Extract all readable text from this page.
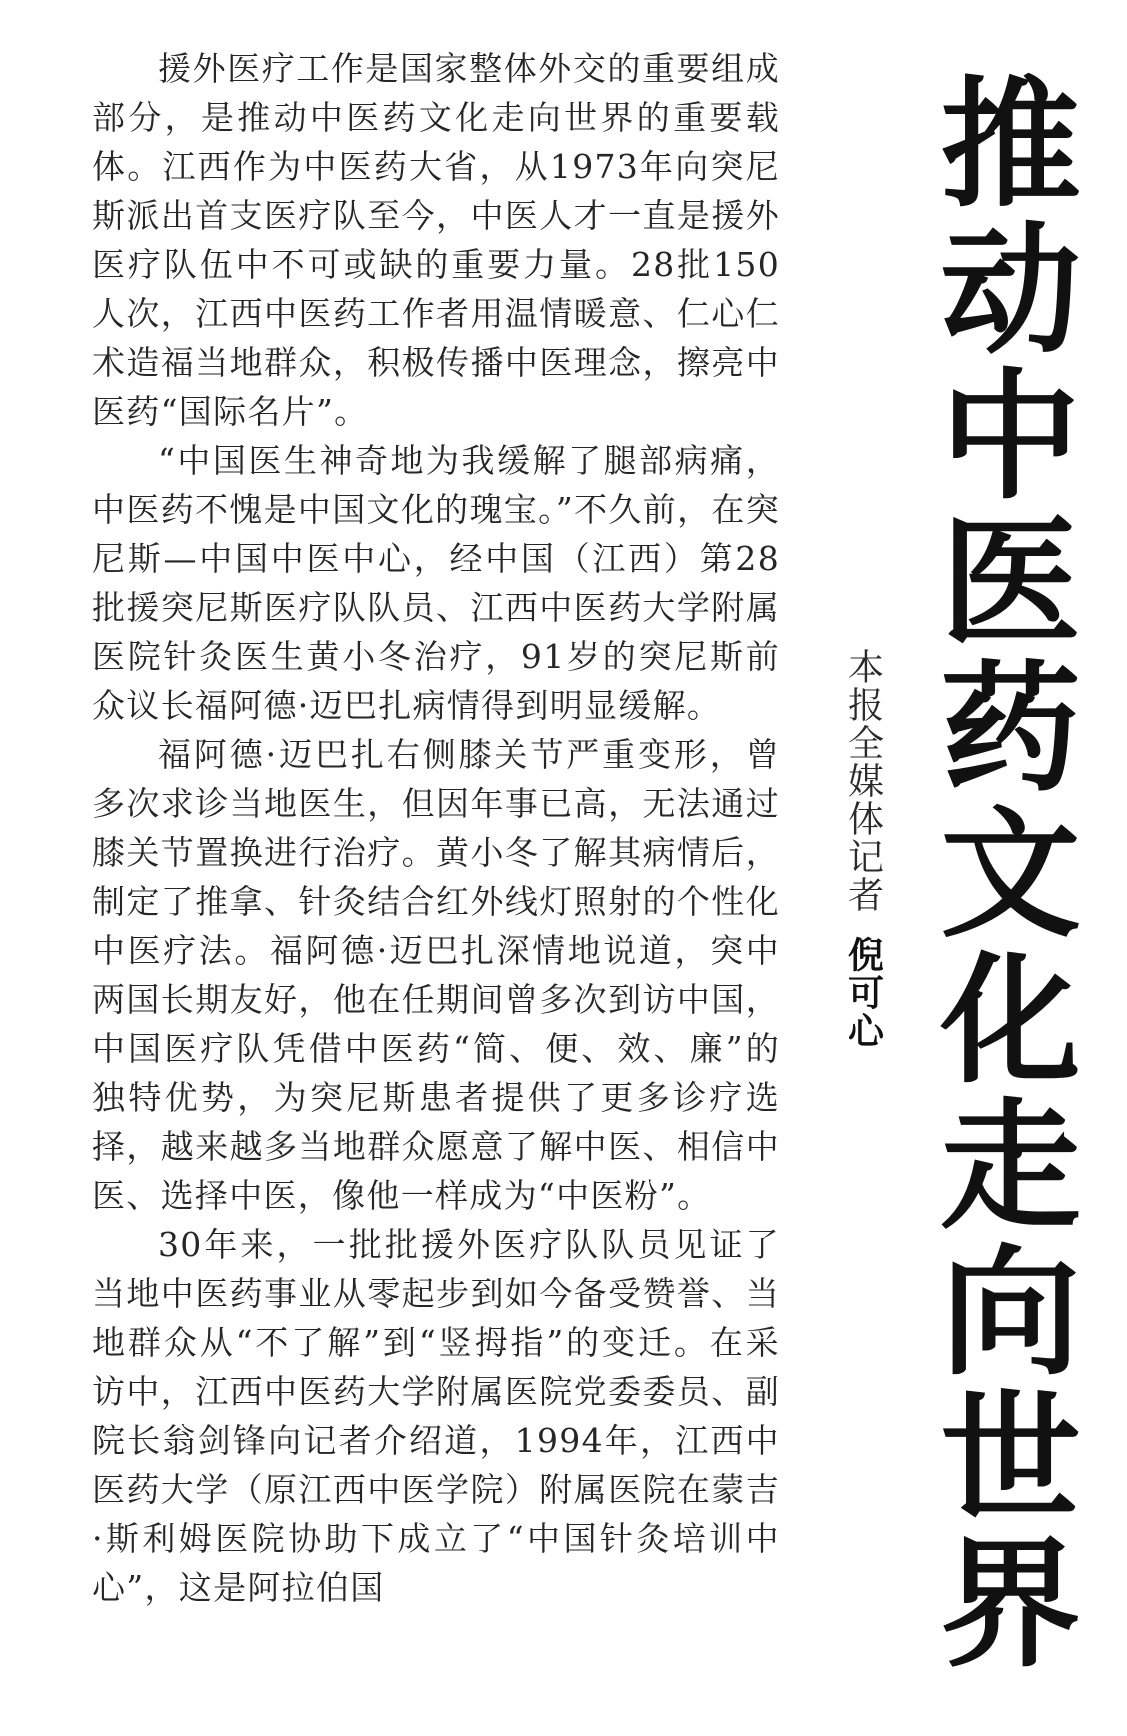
援外医疗工作是国家整体外交的重要组成部分，是推动中医药文化走向世界的重要载体。江西作为中医药大省，从1973年向突尼斯派出首支医疗队至今，中医人才一直是援外医疗队伍中不可或缺的重要力量。28批150人次，江西中医药工作者用温情暖意、仁心仁术造福当地群众，积极传播中医理念，擦亮中医药“国际名片”。

“中国医生神奇地为我缓解了腿部病痛，中医药不愧是中国文化的瑰宝。”不久前，在突尼斯—中国中医中心，经中国（江西）第28批援突尼斯医疗队队员、江西中医药大学附属医院针灸医生黄小冬治疗，91岁的突尼斯前众议长福阿德·迈巴扎病情得到明显缓解。

福阿德·迈巴扎右侧膝关节严重变形，曾多次求诊当地医生，但因年事已高，无法通过膝关节置换进行治疗。黄小冬了解其病情后，制定了推拿、针灸结合红外线灯照射的个性化中医疗法。福阿德·迈巴扎深情地说道，突中两国长期友好，他在任期间曾多次到访中国，中国医疗队凭借中医药“简、便、效、廉”的独特优势，为突尼斯患者提供了更多诊疗选择，越来越多当地群众愿意了解中医、相信中医、选择中医，像他一样成为“中医粉”。

30年来，一批批援外医疗队队员见证了当地中医药事业从零起步到如今备受赞誉、当地群众从“不了解”到“竖拇指”的变迁。在采访中，江西中医药大学附属医院党委委员、副院长翁剑锋向记者介绍道，1994年，江西中医药大学（原江西中医学院）附属医院在蒙吉·斯利姆医院协助下成立了“中国针灸培训中心”，这是阿拉伯国

本报全媒体记者
倪可心 推动中医药文化走向世界
